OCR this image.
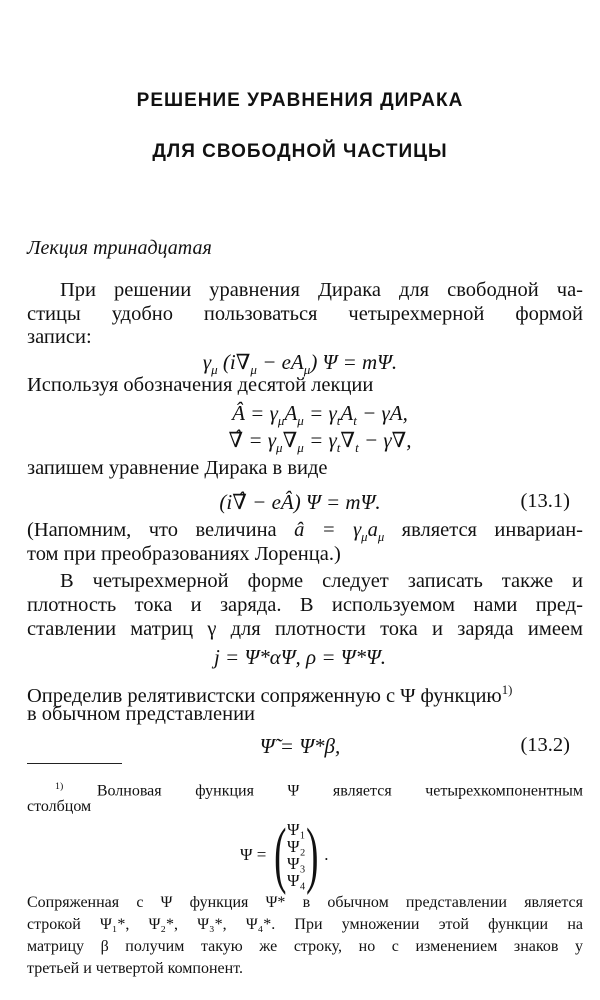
РЕШЕНИЕ УРАВНЕНИЯ ДИРАКА
ДЛЯ СВОБОДНОЙ ЧАСТИЦЫ
Лекция тринадцатая
При решении уравнения Дирака для свободной ча-
стицы удобно пользоваться четырехмерной формой
записи:
$\gamma_\mu$ $(i\nabla_\mu - eA_\mu) \Psi = m\Psi$.
Используя обозначения десятой лекции
Â = $\gamma_\mu A_\mu = \gamma_tA_t - \gamma A$,
∇̂ = $\gamma_\mu\nabla_\mu = \gamma_t\nabla_t - \gamma\nabla$,
запишем уравнение Дирака в виде
(i∇̂ − eÂ) Ψ = mΨ.	(13.1)
(Напомним, что величина â = $\gamma_\mu a_\mu$ является инвариан-
том при преобразованиях Лоренца.)
В четырехмерной форме следует записать также и
плотность тока и заряда. В используемом нами пред-
ставлении матриц γ для плотности тока и заряда имеем
j = Ψ*αΨ, ρ = Ψ*Ψ.
Определив релятивистски сопряженную с Ψ функцию$^{1)}$
в обычном представлении
Ψ̃ = Ψ*β,	(13.2)
$^{1)}$ Волновая функция Ψ является четырехкомпонентным
столбцом
Ψ = ( Ψ₁
Ψ₂
Ψ₃
Ψ₄ ) .
Сопряженная с Ψ функция Ψ* в обычном представлении является
строкой Ψ₁*, Ψ₂*, Ψ₃*, Ψ₄*. При умножении этой функции на
матрицу β получим такую же строку, но с изменением знаков у
третьей и четвертой компонент.
